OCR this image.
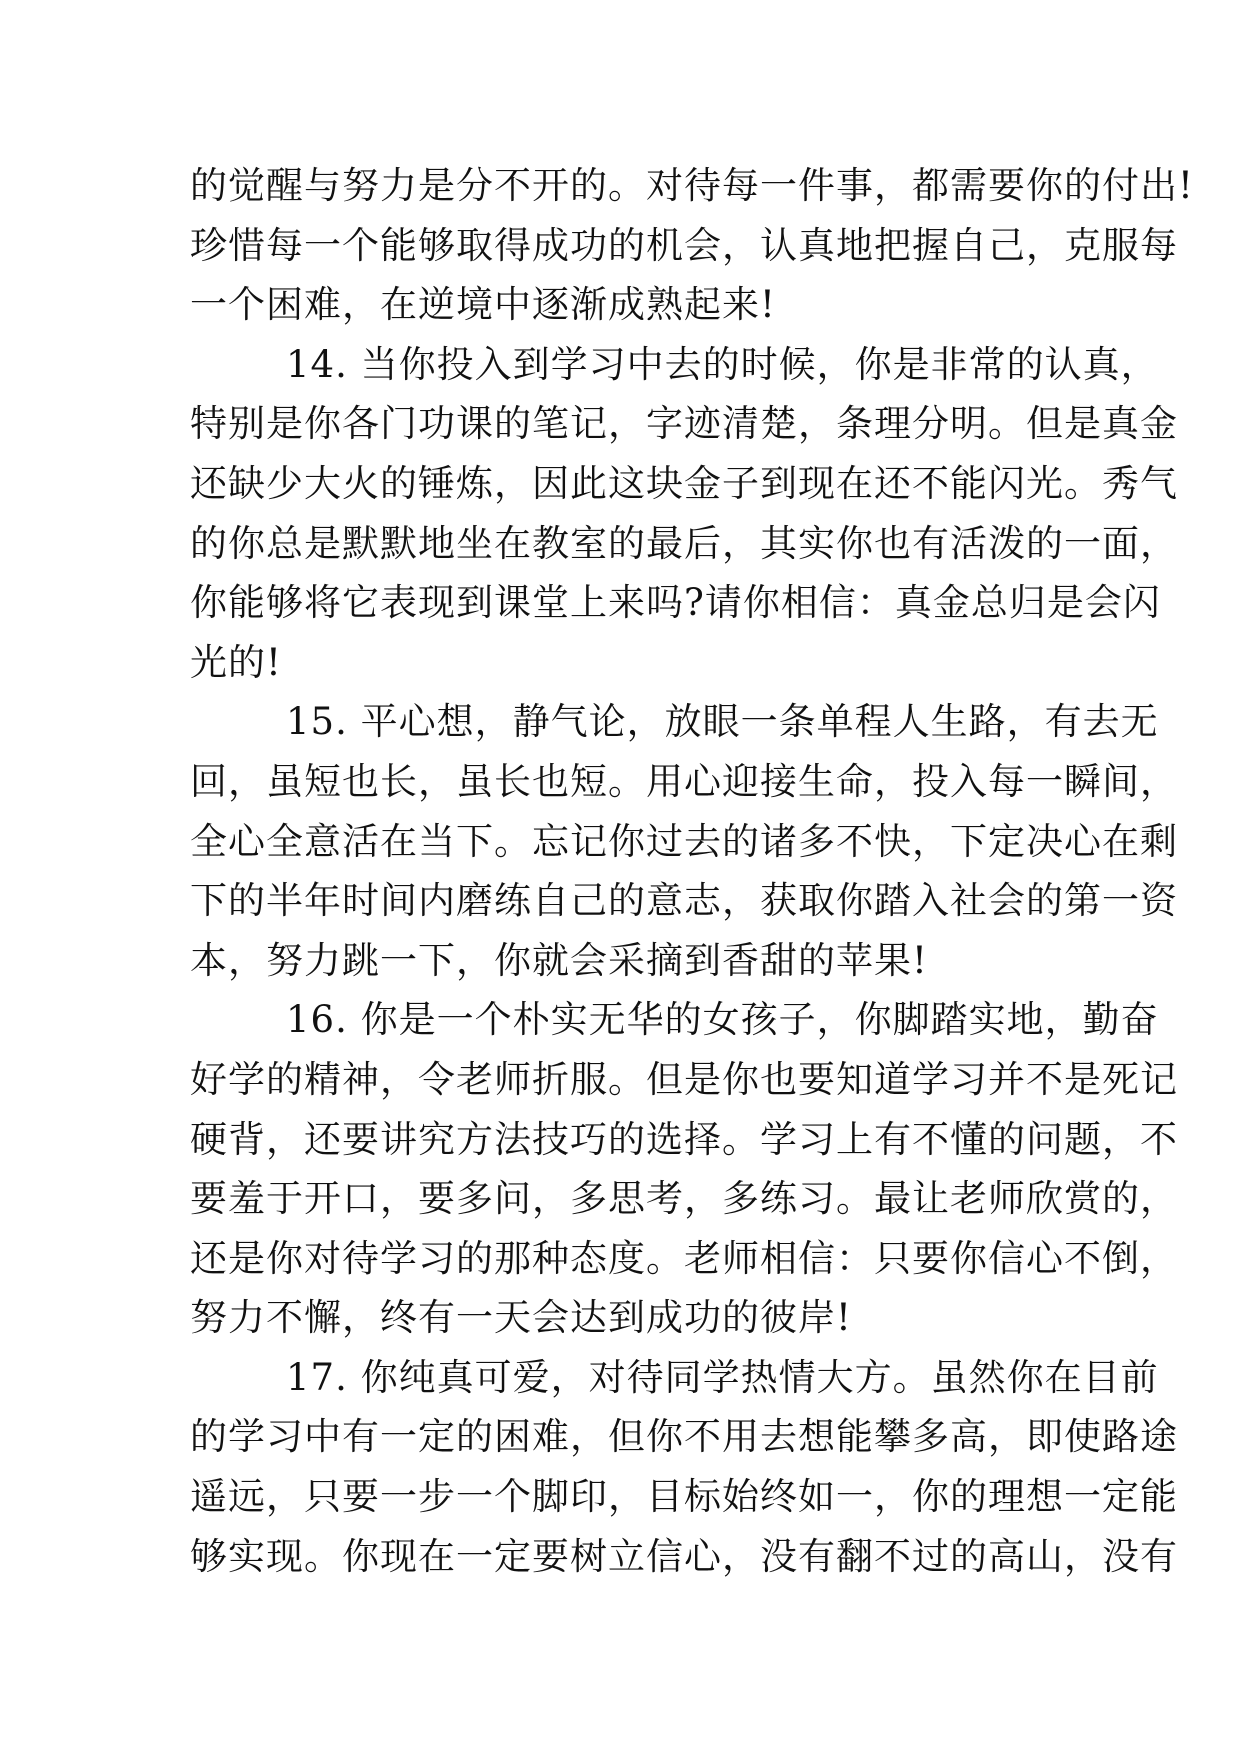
的觉醒与努力是分不开的。对待每一件事，都需要你的付出!
珍惜每一个能够取得成功的机会，认真地把握自己，克服每
一个困难，在逆境中逐渐成熟起来!
14. 当你投入到学习中去的时候，你是非常的认真，
特别是你各门功课的笔记，字迹清楚，条理分明。但是真金
还缺少大火的锤炼，因此这块金子到现在还不能闪光。秀气
的你总是默默地坐在教室的最后，其实你也有活泼的一面，
你能够将它表现到课堂上来吗?请你相信：真金总归是会闪
光的!
15. 平心想，静气论，放眼一条单程人生路，有去无
回，虽短也长，虽长也短。用心迎接生命，投入每一瞬间，
全心全意活在当下。忘记你过去的诸多不快，下定决心在剩
下的半年时间内磨练自己的意志，获取你踏入社会的第一资
本，努力跳一下，你就会采摘到香甜的苹果!
16. 你是一个朴实无华的女孩子，你脚踏实地，勤奋
好学的精神，令老师折服。但是你也要知道学习并不是死记
硬背，还要讲究方法技巧的选择。学习上有不懂的问题，不
要羞于开口，要多问，多思考，多练习。最让老师欣赏的，
还是你对待学习的那种态度。老师相信：只要你信心不倒，
努力不懈，终有一天会达到成功的彼岸!
17. 你纯真可爱，对待同学热情大方。虽然你在目前
的学习中有一定的困难，但你不用去想能攀多高，即使路途
遥远，只要一步一个脚印，目标始终如一，你的理想一定能
够实现。你现在一定要树立信心，没有翻不过的高山，没有
